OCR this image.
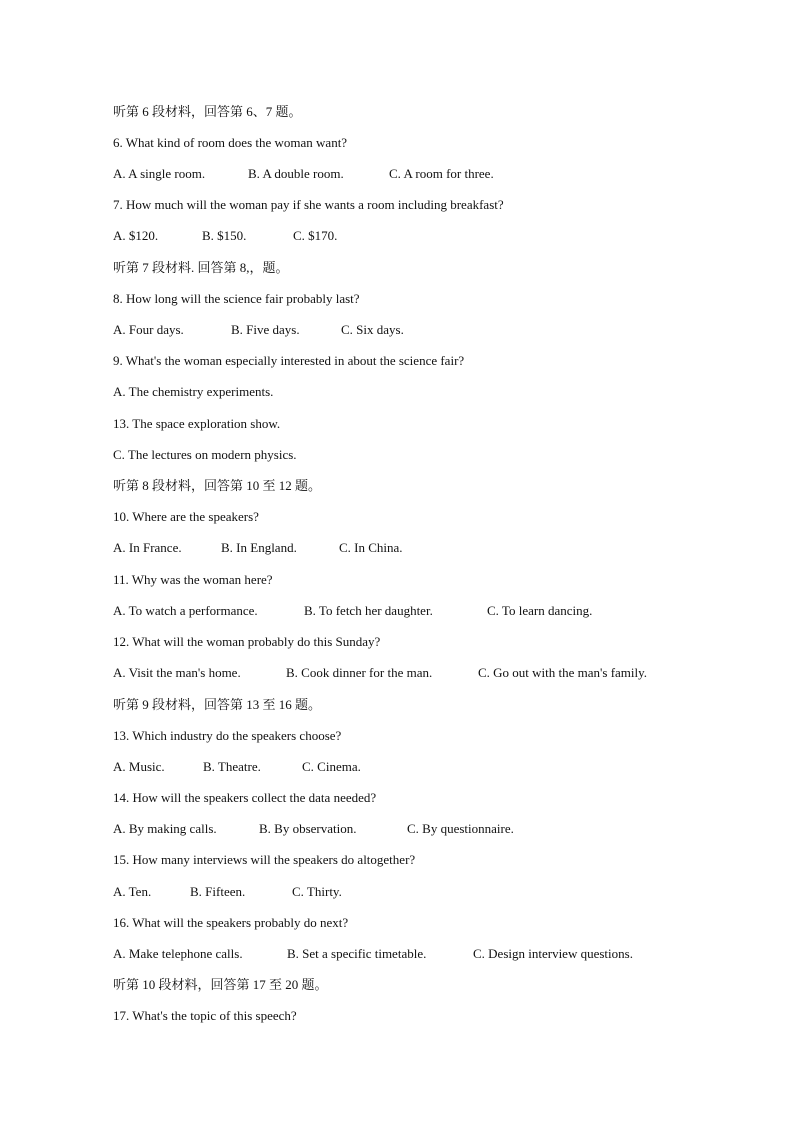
听第 6 段材料，回答第 6、7 题。
6. What kind of room does the woman want?
A. A single room.	B. A double room.	C. A room for three.
7. How much will the woman pay if she wants a room including breakfast?
A. $120.	B. $150.	C. $170.
听第 7 段材料. 回答第 8,，题。
8. How long will the science fair probably last?
A. Four days.	B. Five days.	C. Six days.
9. What's the woman especially interested in about the science fair?
A. The chemistry experiments.
13. The space exploration show.
C. The lectures on modern physics.
听第 8 段材料，回答第 10 至 12 题。
10. Where are the speakers?
A. In France.	B. In England.	C. In China.
11. Why was the woman here?
A. To watch a performance.	B. To fetch her daughter.	C. To learn dancing.
12. What will the woman probably do this Sunday?
A. Visit the man's home.	B. Cook dinner for the man.	C. Go out with the man's family.
听第 9 段材料，回答第 13 至 16 题。
13. Which industry do the speakers choose?
A. Music.	B. Theatre.	C. Cinema.
14. How will the speakers collect the data needed?
A. By making calls.	B. By observation.	C. By questionnaire.
15. How many interviews will the speakers do altogether?
A. Ten.	B. Fifteen.	C. Thirty.
16. What will the speakers probably do next?
A. Make telephone calls.	B. Set a specific timetable.	C. Design interview questions.
听第 10 段材料，回答第 17 至 20 题。
17. What's the topic of this speech?
